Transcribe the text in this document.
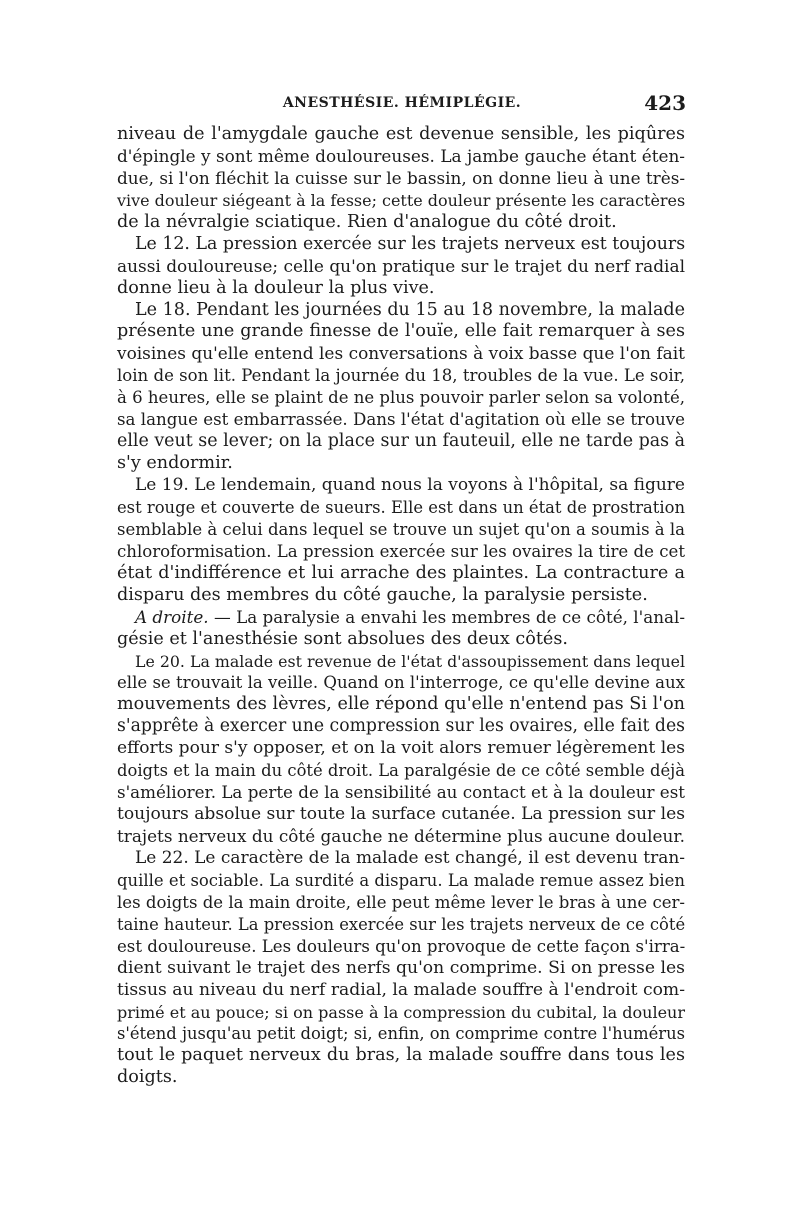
ANESTHÉSIE. HÉMIPLÉGIE.	423
niveau de l'amygdale gauche est devenue sensible, les piqûres
d'épingle y sont même douloureuses. La jambe gauche étant éten-
due, si l'on fléchit la cuisse sur le bassin, on donne lieu à une très-
vive douleur siégeant à la fesse; cette douleur présente les caractères
de la névralgie sciatique. Rien d'analogue du côté droit.
Le 12. La pression exercée sur les trajets nerveux est toujours
aussi douloureuse; celle qu'on pratique sur le trajet du nerf radial
donne lieu à la douleur la plus vive.
Le 18. Pendant les journées du 15 au 18 novembre, la malade
présente une grande finesse de l'ouïe, elle fait remarquer à ses
voisines qu'elle entend les conversations à voix basse que l'on fait
loin de son lit. Pendant la journée du 18, troubles de la vue. Le soir,
à 6 heures, elle se plaint de ne plus pouvoir parler selon sa volonté,
sa langue est embarrassée. Dans l'état d'agitation où elle se trouve
elle veut se lever; on la place sur un fauteuil, elle ne tarde pas à
s'y endormir.
Le 19. Le lendemain, quand nous la voyons à l'hôpital, sa figure
est rouge et couverte de sueurs. Elle est dans un état de prostration
semblable à celui dans lequel se trouve un sujet qu'on a soumis à la
chloroformisation. La pression exercée sur les ovaires la tire de cet
état d'indifférence et lui arrache des plaintes. La contracture a
disparu des membres du côté gauche, la paralysie persiste.
A droite. — La paralysie a envahi les membres de ce côté, l'anal-
gésie et l'anesthésie sont absolues des deux côtés.
Le 20. La malade est revenue de l'état d'assoupissement dans lequel
elle se trouvait la veille. Quand on l'interroge, ce qu'elle devine aux
mouvements des lèvres, elle répond qu'elle n'entend pas Si l'on
s'apprête à exercer une compression sur les ovaires, elle fait des
efforts pour s'y opposer, et on la voit alors remuer légèrement les
doigts et la main du côté droit. La paralgésie de ce côté semble déjà
s'améliorer. La perte de la sensibilité au contact et à la douleur est
toujours absolue sur toute la surface cutanée. La pression sur les
trajets nerveux du côté gauche ne détermine plus aucune douleur.
Le 22. Le caractère de la malade est changé, il est devenu tran-
quille et sociable. La surdité a disparu. La malade remue assez bien
les doigts de la main droite, elle peut même lever le bras à une cer-
taine hauteur. La pression exercée sur les trajets nerveux de ce côté
est douloureuse. Les douleurs qu'on provoque de cette façon s'irra-
dient suivant le trajet des nerfs qu'on comprime. Si on presse les
tissus au niveau du nerf radial, la malade souffre à l'endroit com-
primé et au pouce; si on passe à la compression du cubital, la douleur
s'étend jusqu'au petit doigt; si, enfin, on comprime contre l'humérus
tout le paquet nerveux du bras, la malade souffre dans tous les
doigts.
